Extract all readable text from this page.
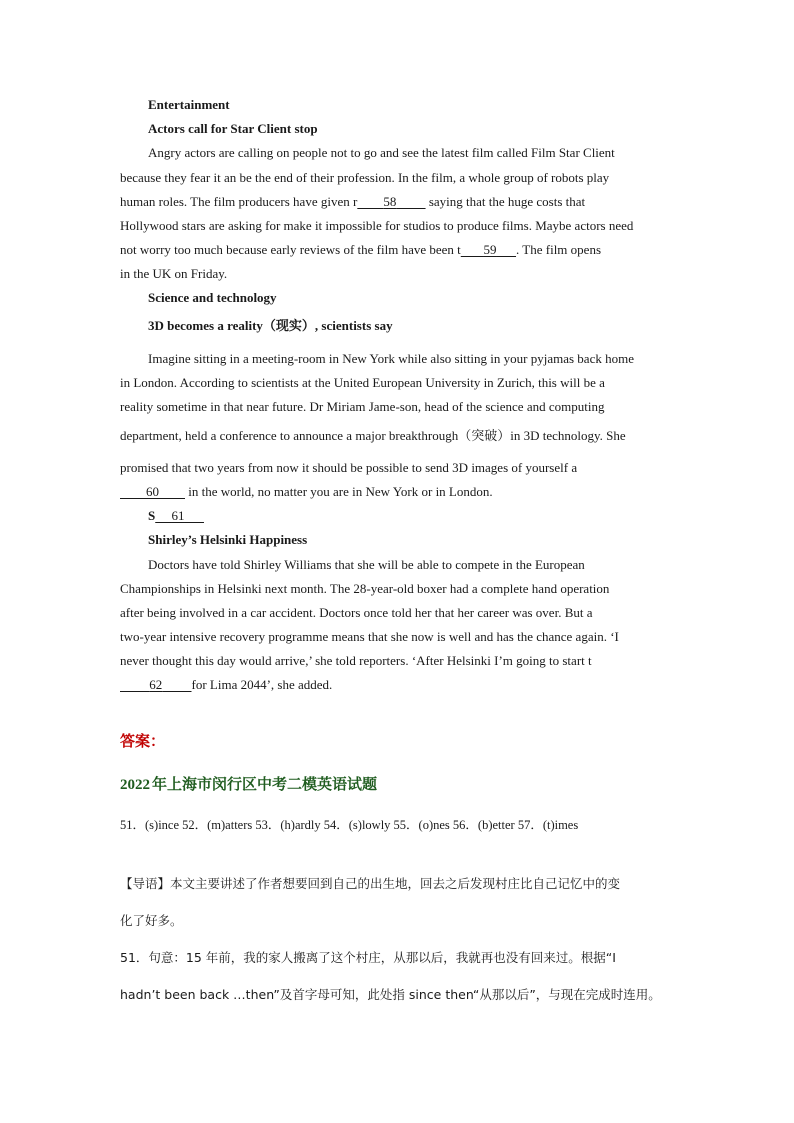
Entertainment
Actors call for Star Client stop
Angry actors are calling on people not to go and see the latest film called Film Star Client
because they fear it an be the end of their profession. In the film, a whole group of robots play
human roles. The film producers have given r 58          saying that the huge costs that
Hollywood stars are asking for make it impossible for studios to produce films. Maybe actors need
not worry too much because early reviews of the film have been t 59 . The film opens
in the UK on Friday.
Science and technology
3D becomes a reality（现实）, scientists say
Imagine sitting in a meeting-room in New York while also sitting in your pyjamas back home
in London. According to scientists at the United European University in Zurich, this will be a
reality sometime in that near future. Dr Miriam Jame-son, head of the science and computing
department, held a conference to announce a major breakthrough（突破）in 3D technology. She
promised that two years from now it should be possible to send 3D images of yourself a
60         in the world, no matter you are in New York or in London.
S 61
Shirley’s Helsinki Happiness
Doctors have told Shirley Williams that she will be able to compete in the European
Championships in Helsinki next month. The 28-year-old boxer had a complete hand operation
after being involved in a car accident. Doctors once told her that her career was over. But a
two-year intensive recovery programme means that she now is well and has the chance again. ‘I
never thought this day would arrive,’ she told reporters. ‘After Helsinki I’m going to start t
62 for Lima 2044’, she added.
答案：
2022 年上海市闵行区中考二模英语试题
51．(s)ince 52．(m)atters 53．(h)ardly 54．(s)lowly 55．(o)nes 56．(b)etter 57．(t)imes
【导语】本文主要讲述了作者想要回到自己的出生地，回去之后发现村庄比自己记忆中的变
化了好多。
51．句意：15 年前，我的家人搬离了这个村庄，从那以后，我就再也没有回来过。根据“I
hadn’t been back …then”及首字母可知，此处指 since then“从那以后”，与现在完成时连用。
